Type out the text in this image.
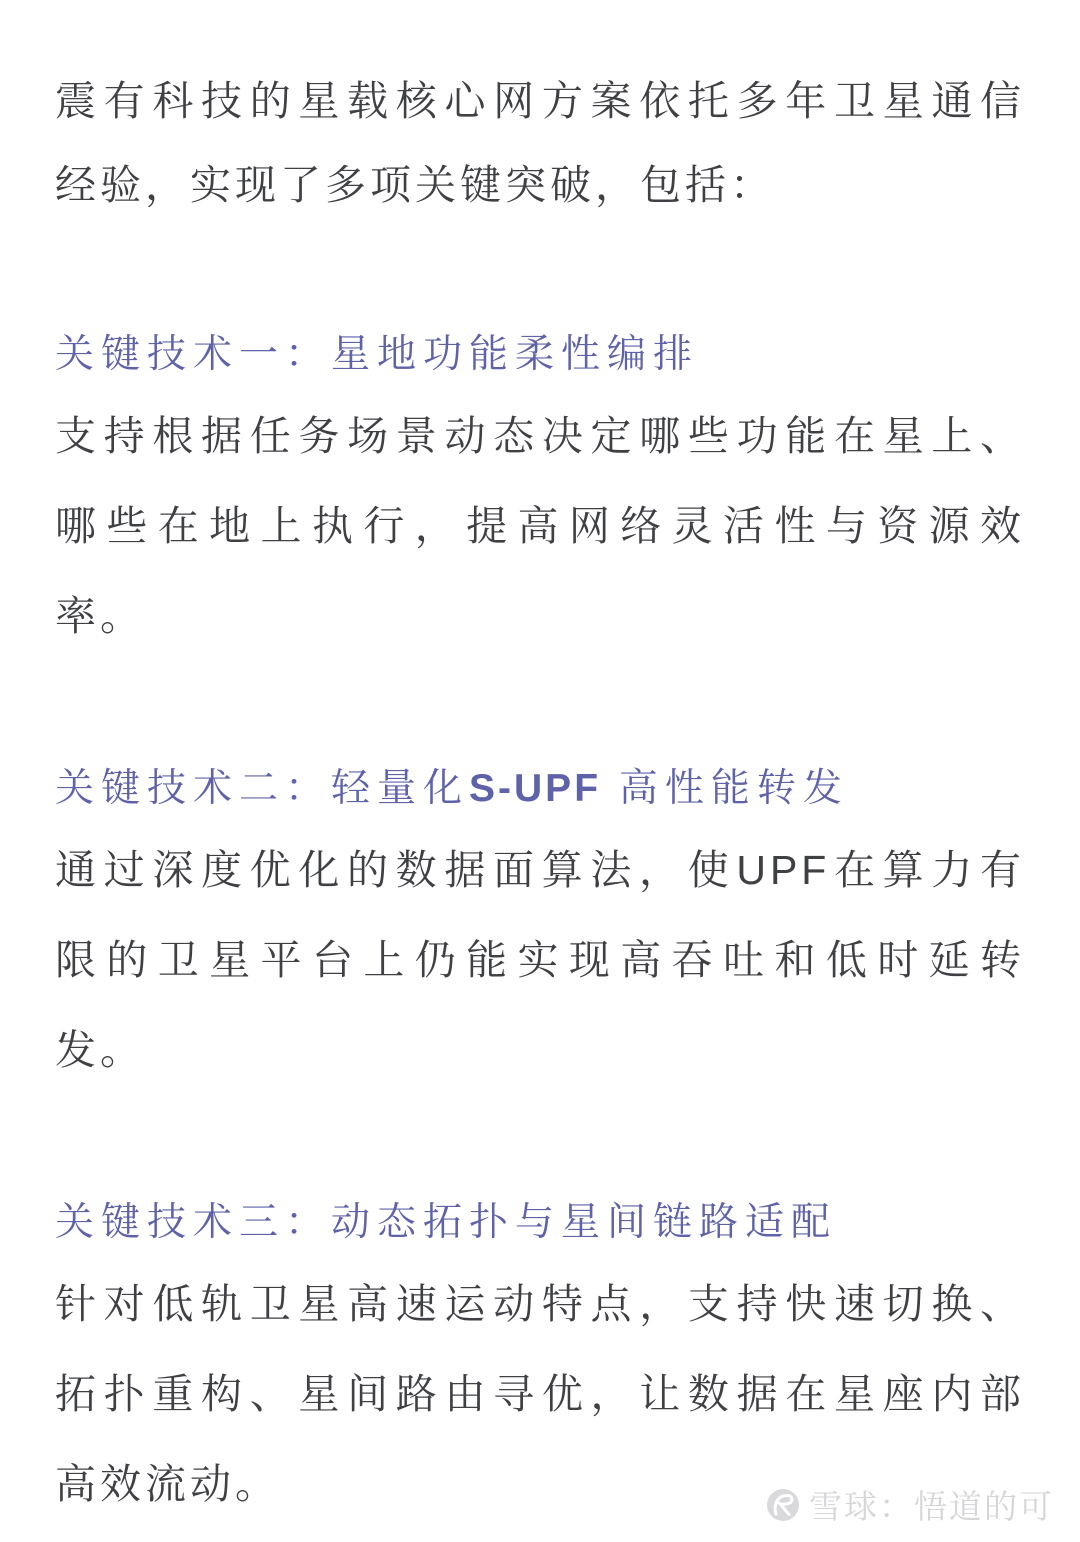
震有科技的星载核心网方案依托多年卫星通信
经验，实现了多项关键突破，包括：
关键技术一：星地功能柔性编排
支持根据任务场景动态决定哪些功能在星上、
哪些在地上执行，提高网络灵活性与资源效
率。
关键技术二：轻量化S-UPF 高性能转发
通过深度优化的数据面算法，使UPF在算力有
限的卫星平台上仍能实现高吞吐和低时延转
发。
关键技术三：动态拓扑与星间链路适配
针对低轨卫星高速运动特点，支持快速切换、
拓扑重构、星间路由寻优，让数据在星座内部
高效流动。	雪球：悟道的可
